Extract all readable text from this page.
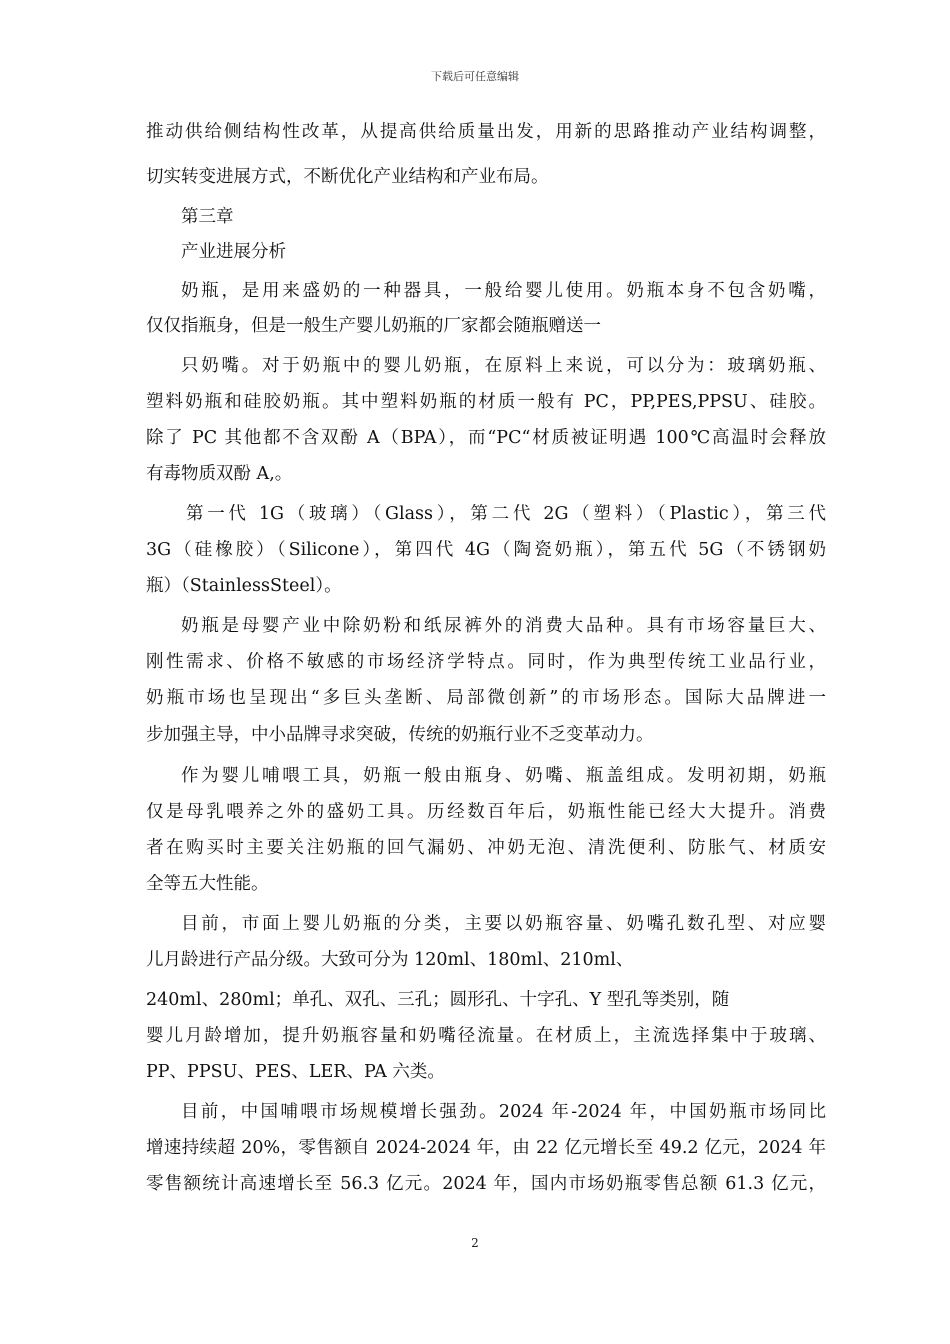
下载后可任意编辑
推动供给侧结构性改革，从提高供给质量出发，用新的思路推动产业结构调整，
切实转变进展方式，不断优化产业结构和产业布局。
第三章
产业进展分析
奶瓶，是用来盛奶的一种器具，一般给婴儿使用。奶瓶本身不包含奶嘴，
仅仅指瓶身，但是一般生产婴儿奶瓶的厂家都会随瓶赠送一
只奶嘴。对于奶瓶中的婴儿奶瓶，在原料上来说，可以分为：玻璃奶瓶、
塑料奶瓶和硅胶奶瓶。其中塑料奶瓶的材质一般有 PC，PP,PES,PPSU、硅胶。
除了 PC 其他都不含双酚 A（BPA），而“PC“材质被证明遇 100℃高温时会释放
有毒物质双酚 A,。
第一代 1G（玻璃）（Glass），第二代 2G（塑料）（Plastic），第三代
3G（硅橡胶）（Silicone），第四代 4G（陶瓷奶瓶），第五代 5G（不锈钢奶
瓶）（StainlessSteel）。
奶瓶是母婴产业中除奶粉和纸尿裤外的消费大品种。具有市场容量巨大、
刚性需求、价格不敏感的市场经济学特点。同时，作为典型传统工业品行业，
奶瓶市场也呈现出“多巨头垄断、局部微创新”的市场形态。国际大品牌进一
步加强主导，中小品牌寻求突破，传统的奶瓶行业不乏变革动力。
作为婴儿哺喂工具，奶瓶一般由瓶身、奶嘴、瓶盖组成。发明初期，奶瓶
仅是母乳喂养之外的盛奶工具。历经数百年后，奶瓶性能已经大大提升。消费
者在购买时主要关注奶瓶的回气漏奶、冲奶无泡、清洗便利、防胀气、材质安
全等五大性能。
目前，市面上婴儿奶瓶的分类，主要以奶瓶容量、奶嘴孔数孔型、对应婴
儿月龄进行产品分级。大致可分为 120ml、180ml、210ml、
240ml、280ml；单孔、双孔、三孔；圆形孔、十字孔、Y 型孔等类别，随
婴儿月龄增加，提升奶瓶容量和奶嘴径流量。在材质上，主流选择集中于玻璃、
PP、PPSU、PES、LER、PA 六类。
目前，中国哺喂市场规模增长强劲。2024 年-2024 年，中国奶瓶市场同比
增速持续超 20%，零售额自 2024-2024 年，由 22 亿元增长至 49.2 亿元，2024 年
零售额统计高速增长至 56.3 亿元。2024 年，国内市场奶瓶零售总额 61.3 亿元，
2
